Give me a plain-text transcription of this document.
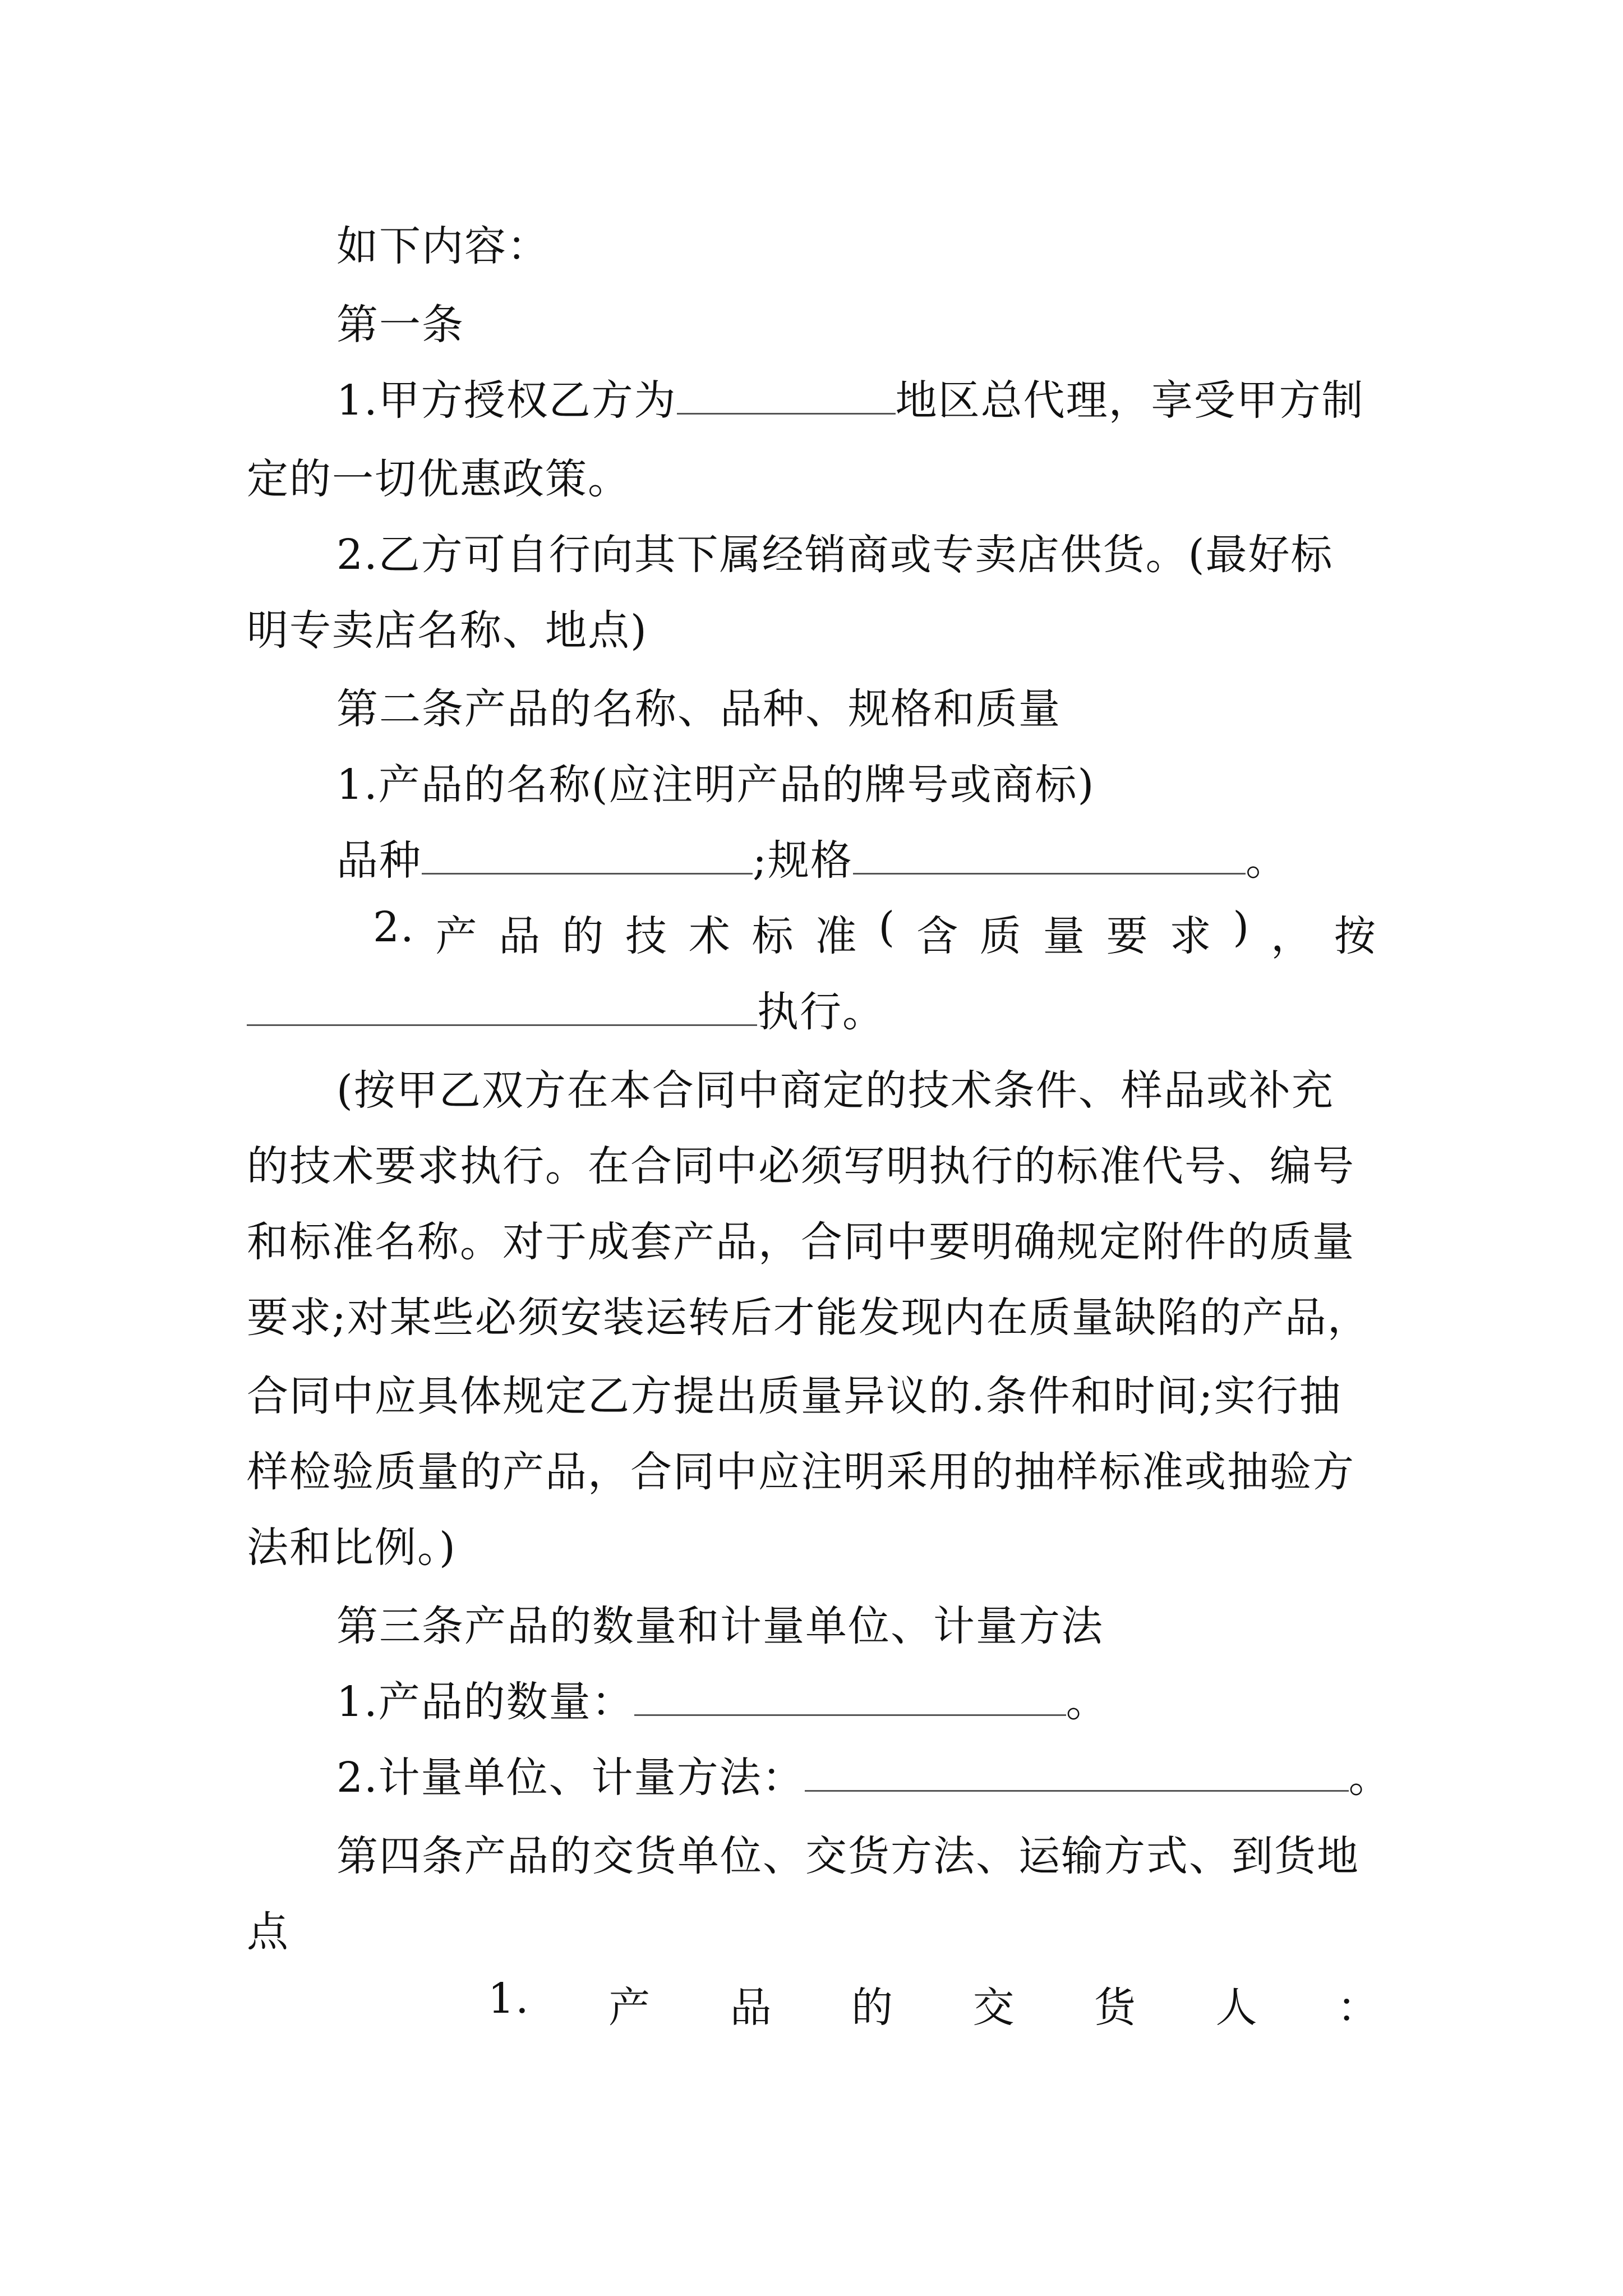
如下内容：
第一条
1.甲方授权乙方为	地区总代理，享受甲方制
定的一切优惠政策。
2.乙方可自行向其下属经销商或专卖店供货。(最好标
明专卖店名称、地点)
第二条产品的名称、品种、规格和质量
1.产品的名称(应注明产品的牌号或商标)
品种	;规格	。
2. 产 品 的 技 术 标 准 ( 含 质 量 要 求 ) ， 按
执行。
(按甲乙双方在本合同中商定的技术条件、样品或补充
的技术要求执行。在合同中必须写明执行的标准代号、编号
和标准名称。对于成套产品，合同中要明确规定附件的质量
要求;对某些必须安装运转后才能发现内在质量缺陷的产品，
合同中应具体规定乙方提出质量异议的.条件和时间;实行抽
样检验质量的产品，合同中应注明采用的抽样标准或抽验方
法和比例。)
第三条产品的数量和计量单位、计量方法
1.产品的数量：	。
2.计量单位、计量方法：	。
第四条产品的交货单位、交货方法、运输方式、到货地
点
1. 产 品 的 交 货 人 ：
